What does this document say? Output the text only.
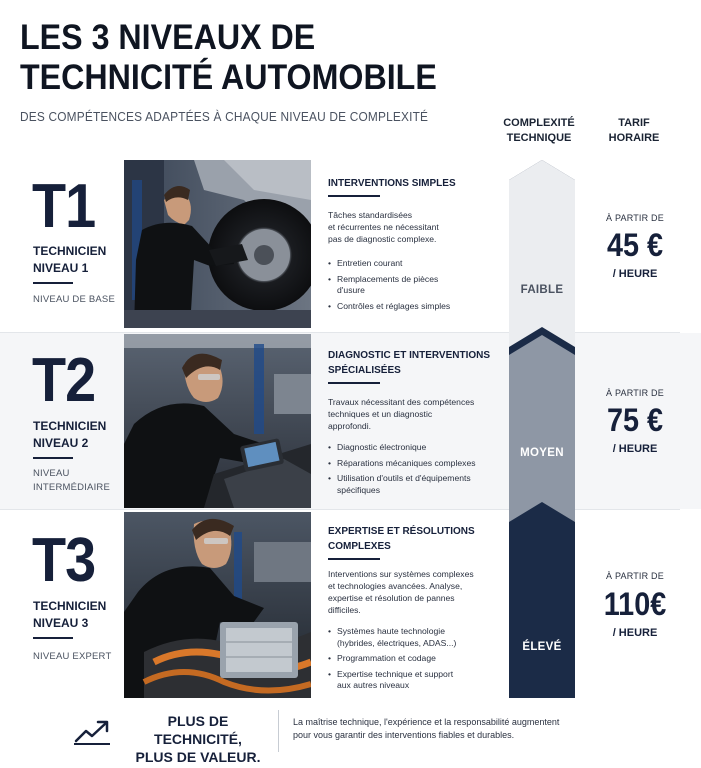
LES 3 NIVEAUX DE
TECHNICITÉ AUTOMOBILE
DES COMPÉTENCES ADAPTÉES À CHAQUE NIVEAU DE COMPLEXITÉ	COMPLEXITÉ
TECHNIQUE
TARIF
HORAIRE
T1
TECHNICIEN
NIVEAU 1
NIVEAU DE BASE
INTERVENTIONS SIMPLES
Tâches standardisées
et récurrentes ne nécessitant
pas de diagnostic complexe.
• Entretien courant
• Remplacements de pièces
d'usure
• Contrôles et réglages simples
À PARTIR DE
45 €
/ HEURE
T2
TECHNICIEN
NIVEAU 2
NIVEAU
INTERMÉDIAIRE
DIAGNOSTIC ET INTERVENTIONS
SPÉCIALISÉES
Travaux nécessitant des compétences
techniques et un diagnostic
approfondi.
• Diagnostic électronique
• Réparations mécaniques complexes
• Utilisation d'outils et d'équipements
spécifiques
À PARTIR DE
75 €
/ HEURE
T3
TECHNICIEN
NIVEAU 3
NIVEAU EXPERT
EXPERTISE ET RÉSOLUTIONS
COMPLEXES
Interventions sur systèmes complexes
et technologies avancées. Analyse,
expertise et résolution de pannes
difficiles.
• Systèmes haute technologie
(hybrides, électriques, ADAS...)
• Programmation et codage
• Expertise technique et support
aux autres niveaux
À PARTIR DE
110€
/ HEURE
FAIBLE
MOYEN
ÉLEVÉ
PLUS DE TECHNICITÉ,
PLUS DE VALEUR.
La maîtrise technique, l'expérience et la responsabilité augmentent
pour vous garantir des interventions fiables et durables.
